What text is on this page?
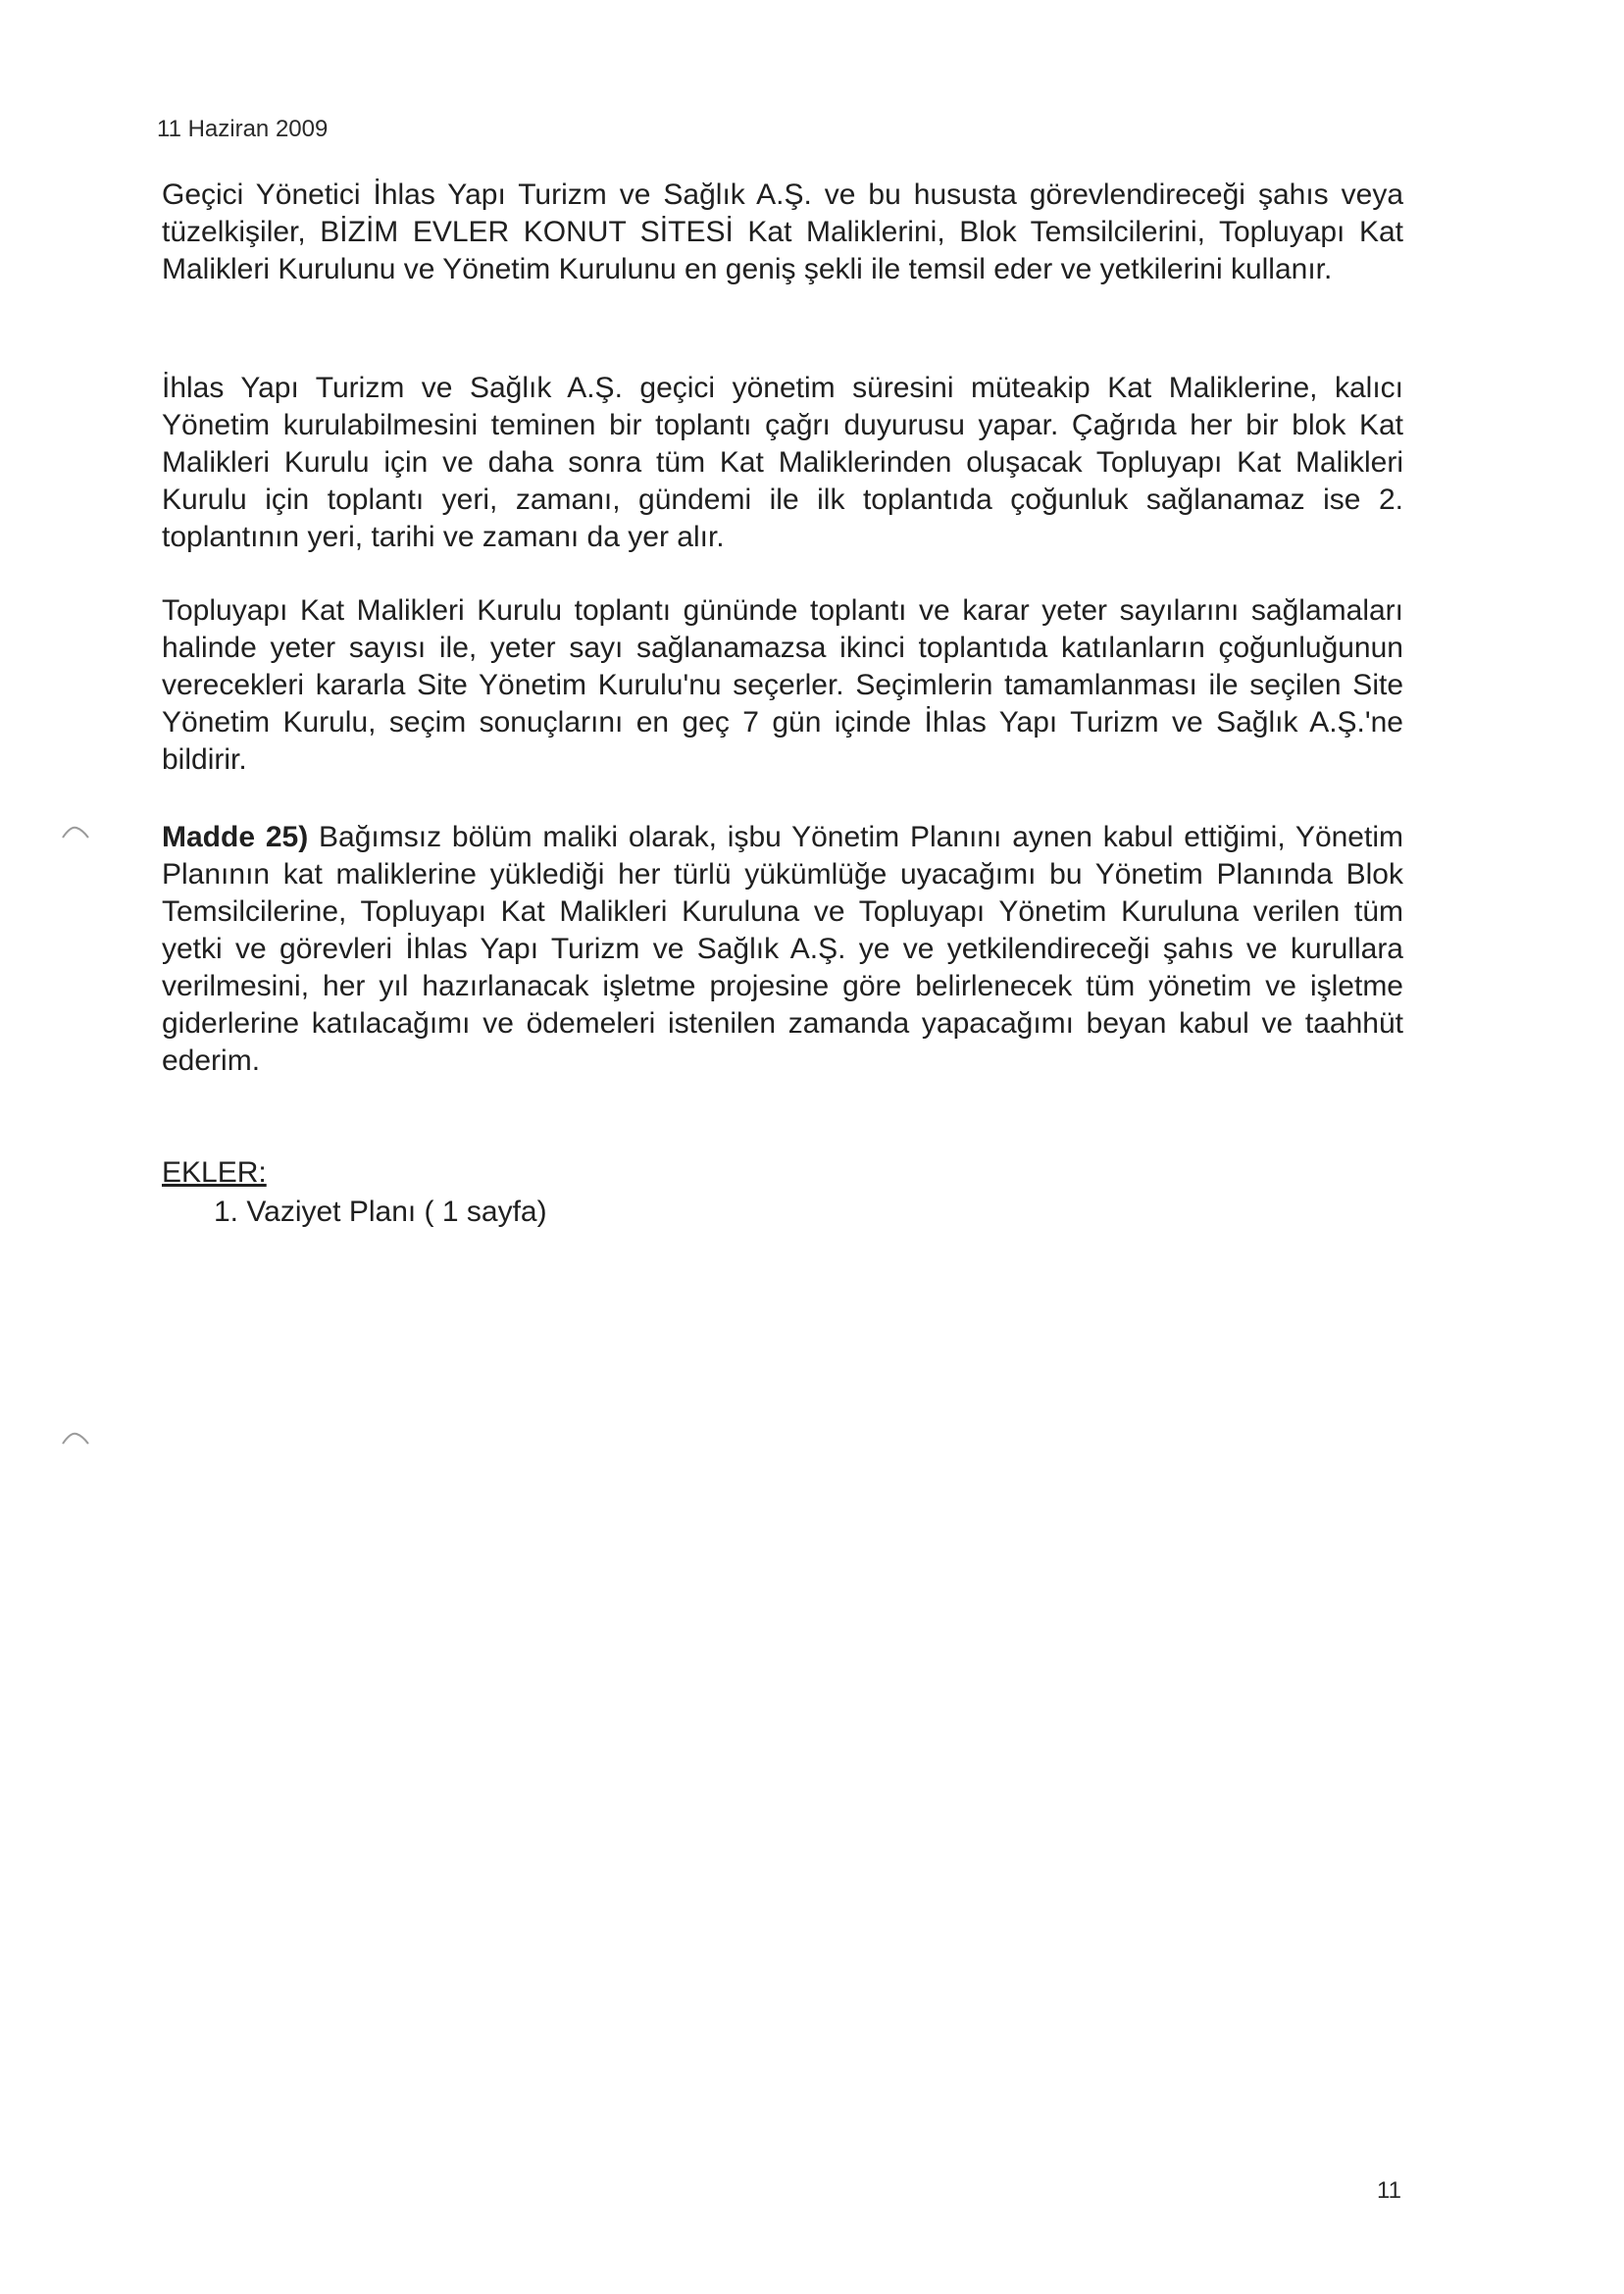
11 Haziran 2009

Geçici Yönetici İhlas Yapı Turizm ve Sağlık A.Ş. ve bu hususta görevlendireceği şahıs veya tüzelkişiler, BİZİM EVLER KONUT SİTESİ Kat Maliklerini, Blok Temsilcilerini, Topluyapı Kat Malikleri Kurulunu ve Yönetim Kurulunu en geniş şekli ile temsil eder ve yetkilerini kullanır.

İhlas Yapı Turizm ve Sağlık A.Ş. geçici yönetim süresini müteakip Kat Maliklerine, kalıcı Yönetim kurulabilmesini teminen bir toplantı çağrı duyurusu yapar. Çağrıda her bir blok Kat Malikleri Kurulu için ve daha sonra tüm Kat Maliklerinden oluşacak Topluyapı Kat Malikleri Kurulu için toplantı yeri, zamanı, gündemi ile ilk toplantıda çoğunluk sağlanamaz ise 2. toplantının yeri, tarihi ve zamanı da yer alır.

Topluyapı Kat Malikleri Kurulu toplantı gününde toplantı ve karar yeter sayılarını sağlamaları halinde yeter sayısı ile, yeter sayı sağlanamazsa ikinci toplantıda katılanların çoğunluğunun verecekleri kararla Site Yönetim Kurulu'nu seçerler. Seçimlerin tamamlanması ile seçilen Site Yönetim Kurulu, seçim sonuçlarını en geç 7 gün içinde İhlas Yapı Turizm ve Sağlık A.Ş.'ne bildirir.

Madde 25) Bağımsız bölüm maliki olarak, işbu Yönetim Planını aynen kabul ettiğimi, Yönetim Planının kat maliklerine yüklediği her türlü yükümlüğe uyacağımı bu Yönetim Planında Blok Temsilcilerine, Topluyapı Kat Malikleri Kuruluna ve Topluyapı Yönetim Kuruluna verilen tüm yetki ve görevleri İhlas Yapı Turizm ve Sağlık A.Ş. ye ve yetkilendireceği şahıs ve kurullara verilmesini, her yıl hazırlanacak işletme projesine göre belirlenecek tüm yönetim ve işletme giderlerine katılacağımı ve ödemeleri istenilen zamanda yapacağımı beyan kabul ve taahhüt ederim.

EKLER:
1. Vaziyet Planı ( 1 sayfa)
11
